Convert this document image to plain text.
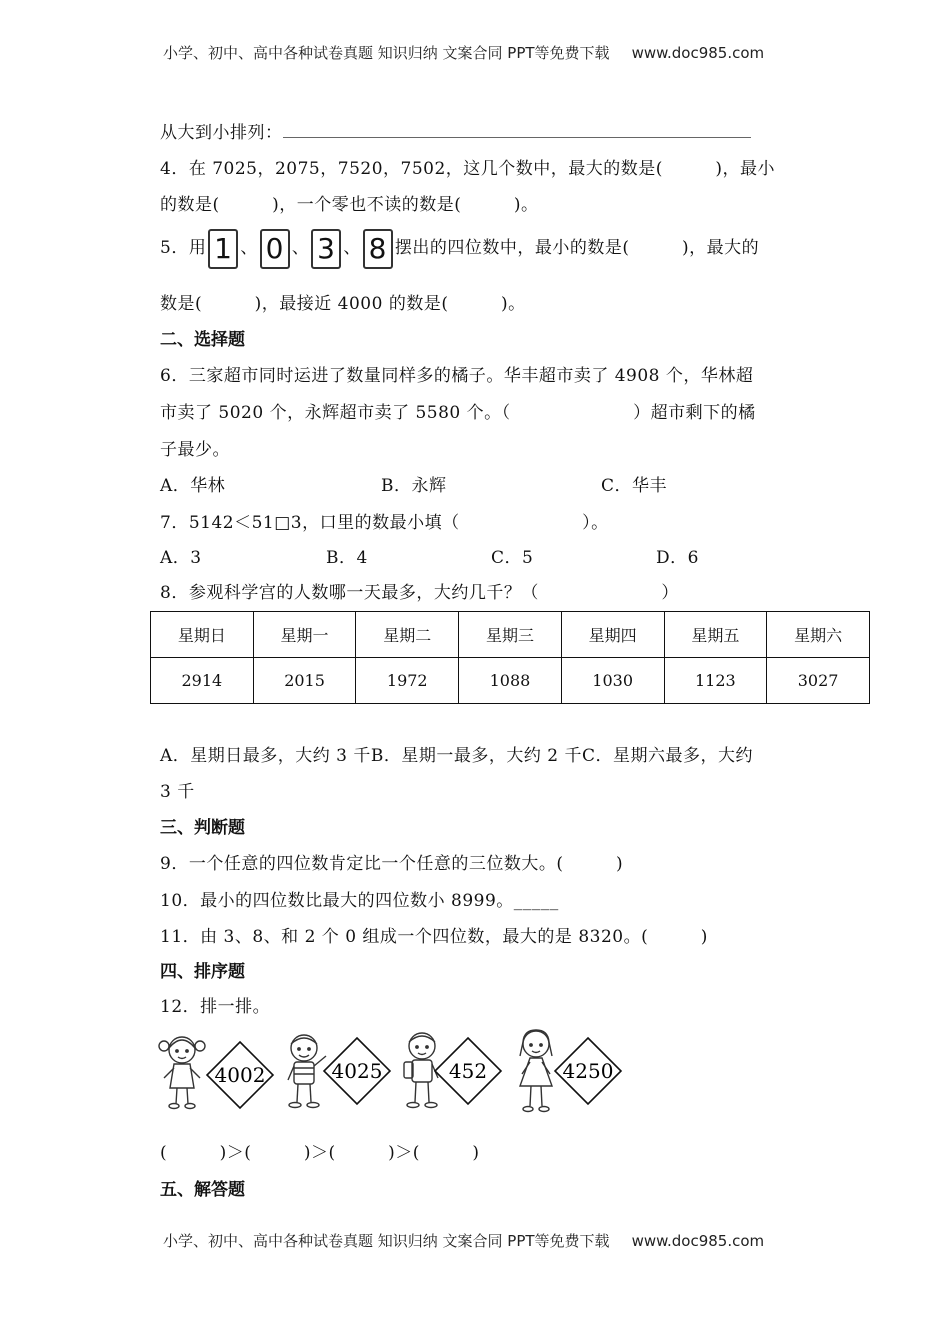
小学、初中、高中各种试卷真题 知识归纳 文案合同 PPT等免费下载 www.doc985.com
从大到小排列：
4．在 7025，2075，7520，7502，这几个数中，最大的数是(　　　)，最小
的数是(　　　)，一个零也不读的数是(　　　)。
5．用 1 、 0 、 3 、 8 摆出的四位数中，最小的数是(　　　)，最大的
数是(　　　)，最接近 4000 的数是(　　　)。
二、选择题
6．三家超市同时运进了数量同样多的橘子。华丰超市卖了 4908 个，华林超
市卖了 5020 个，永辉超市卖了 5580 个。（　　　　　　　）超市剩下的橘
子最少。
A．华林	B．永辉	C．华丰
7．5142＜51□3，口里的数最小填（　　　　　　　）。
A．3	B．4	C．5	D．6
8．参观科学宫的人数哪一天最多，大约几千？（　　　　　　　）
星期日	星期一	星期二	星期三	星期四	星期五	星期六
2914	2015	1972	1088	1030	1123	3027
A．星期日最多，大约 3 千B．星期一最多，大约 2 千C．星期六最多，大约
3 千
三、判断题
9．一个任意的四位数肯定比一个任意的三位数大。(　　　)
10．最小的四位数比最大的四位数小 8999。_____
11．由 3、8、和 2 个 0 组成一个四位数，最大的是 8320。(　　　)
四、排序题
12．排一排。
4002	4025	452	4250
(　　　)＞(　　　)＞(　　　)＞(　　　)
五、解答题
小学、初中、高中各种试卷真题 知识归纳 文案合同 PPT等免费下载 www.doc985.com
